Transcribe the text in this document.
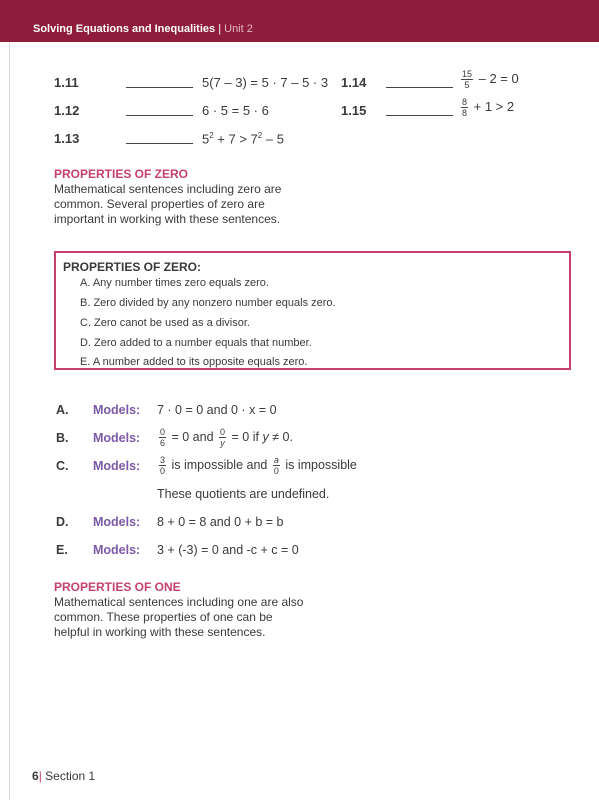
Solving Equations and Inequalities | Unit 2
1.11	5(7 – 3) = 5 · 7 – 5 · 3
1.12	6 · 5 = 5 · 6
1.13	$5^2 + 7 > 7^2 - 5$
1.14	$\frac{15}{5} - 2 = 0$
1.15	$\frac{8}{8} + 1 > 2$
PROPERTIES OF ZERO
Mathematical sentences including zero are common. Several properties of zero are important in working with these sentences.
PROPERTIES OF ZERO:
A. Any number times zero equals zero.
B. Zero divided by any nonzero number equals zero.
C. Zero canot be used as a divisor.
D. Zero added to a number equals that number.
E. A number added to its opposite equals zero.
A. Models: 7 · 0 = 0 and 0 · x = 0
B. Models: $\frac{0}{6} = 0$ and $\frac{0}{y} = 0$ if y ≠ 0.
C. Models: $\frac{3}{0}$ is impossible and $\frac{a}{0}$ is impossible
These quotients are undefined.
D. Models: 8 + 0 = 8 and 0 + b = b
E. Models: 3 + (-3) = 0 and -c + c = 0
PROPERTIES OF ONE
Mathematical sentences including one are also common. These properties of one can be helpful in working with these sentences.
6| Section 1
